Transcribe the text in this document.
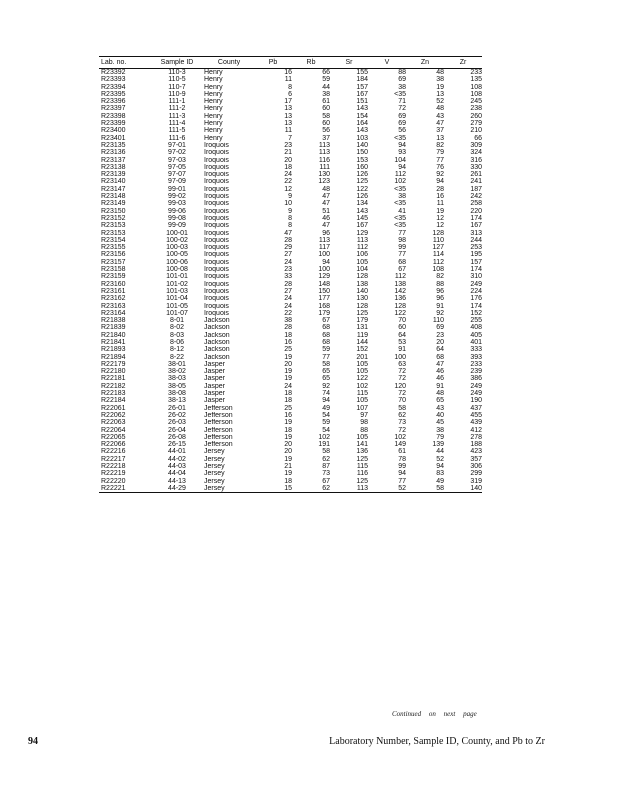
Lab. no.	Sample ID	County	Pb	Rb	Sr	V	Zn	Zr
R23392	110-3	Henry	16	66	155	88	48	233
R23393	110-5	Henry	11	59	184	69	38	135
R23394	110-7	Henry	8	44	157	38	19	108
R23395	110-9	Henry	6	38	167	<35	13	108
R23396	111-1	Henry	17	61	151	71	52	245
R23397	111-2	Henry	13	60	143	72	48	238
R23398	111-3	Henry	13	58	154	69	43	260
R23399	111-4	Henry	13	60	164	69	47	279
R23400	111-5	Henry	11	56	143	56	37	210
R23401	111-6	Henry	7	37	103	<35	13	66
R23135	97-01	Iroquois	23	113	140	94	82	309
R23136	97-02	Iroquois	21	113	150	93	79	324
R23137	97-03	Iroquois	20	116	153	104	77	316
R23138	97-05	Iroquois	18	111	160	94	76	330
R23139	97-07	Iroquois	24	130	126	112	92	261
R23140	97-09	Iroquois	22	123	125	102	94	241
R23147	99-01	Iroquois	12	48	122	<35	28	187
R23148	99-02	Iroquois	9	47	126	38	16	242
R23149	99-03	Iroquois	10	47	134	<35	11	258
R23150	99-06	Iroquois	9	51	143	41	19	220
R23152	99-08	Iroquois	8	46	145	<35	12	174
R23153	99-09	Iroquois	8	47	167	<35	12	167
R23153	100-01	Iroquois	47	96	129	77	128	313
R23154	100-02	Iroquois	28	113	113	98	110	244
R23155	100-03	Iroquois	29	117	112	99	127	253
R23156	100-05	Iroquois	27	100	106	77	114	195
R23157	100-06	Iroquois	24	94	105	68	112	157
R23158	100-08	Iroquois	23	100	104	67	108	174
R23159	101-01	Iroquois	33	129	128	112	82	310
R23160	101-02	Iroquois	28	148	138	138	88	249
R23161	101-03	Iroquois	27	150	140	142	96	224
R23162	101-04	Iroquois	24	177	130	136	96	176
R23163	101-05	Iroquois	24	168	128	128	91	174
R23164	101-07	Iroquois	22	179	125	122	92	152
R21838	8-01	Jackson	38	67	179	70	110	255
R21839	8-02	Jackson	28	68	131	60	69	408
R21840	8-03	Jackson	18	68	119	64	23	405
R21841	8-06	Jackson	16	68	144	53	20	401
R21893	8-12	Jackson	25	59	152	91	64	333
R21894	8-22	Jackson	19	77	201	100	68	393
R22179	38-01	Jasper	20	58	105	63	47	233
R22180	38-02	Jasper	19	65	105	72	46	239
R22181	38-03	Jasper	19	65	122	72	46	386
R22182	38-05	Jasper	24	92	102	120	91	249
R22183	38-08	Jasper	18	74	115	72	48	249
R22184	38-13	Jasper	18	94	105	70	65	190
R22061	26-01	Jefferson	25	49	107	58	43	437
R22062	26-02	Jefferson	16	54	97	62	40	455
R22063	26-03	Jefferson	19	59	98	73	45	439
R22064	26-04	Jefferson	18	54	88	72	38	412
R22065	26-08	Jefferson	19	102	105	102	79	278
R22066	26-15	Jefferson	20	191	141	149	139	188
R22216	44-01	Jersey	20	58	136	61	44	423
R22217	44-02	Jersey	19	62	125	78	52	357
R22218	44-03	Jersey	21	87	115	99	94	306
R22219	44-04	Jersey	19	73	116	94	83	299
R22220	44-13	Jersey	18	67	125	77	49	319
R22221	44-29	Jersey	15	62	113	52	58	140
Continued on next page
94	Laboratory Number, Sample ID, County, and Pb to Zr
